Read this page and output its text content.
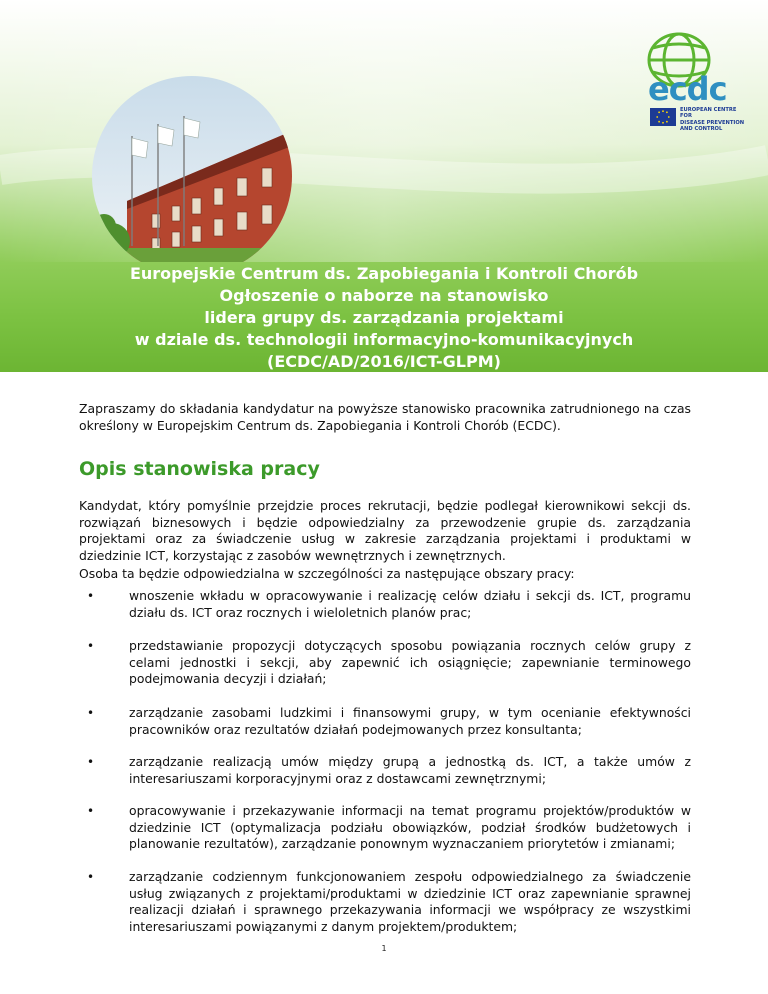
ecdc
EUROPEAN CENTRE FOR
DISEASE PREVENTION
AND CONTROL
Europejskie Centrum ds. Zapobiegania i Kontroli Chorób
Ogłoszenie o naborze na stanowisko
lidera grupy ds. zarządzania projektami
w dziale ds. technologii informacyjno-komunikacyjnych
(ECDC/AD/2016/ICT-GLPM)
Zapraszamy do składania kandydatur na powyższe stanowisko pracownika zatrudnionego na czas określony w Europejskim Centrum ds. Zapobiegania i Kontroli Chorób (ECDC).
Opis stanowiska pracy
Kandydat, który pomyślnie przejdzie proces rekrutacji, będzie podlegał kierownikowi sekcji ds. rozwiązań biznesowych i będzie odpowiedzialny za przewodzenie grupie ds. zarządzania projektami oraz za świadczenie usług w zakresie zarządzania projektami i produktami w dziedzinie ICT, korzystając z zasobów wewnętrznych i zewnętrznych.
Osoba ta będzie odpowiedzialna w szczególności za następujące obszary pracy:
•	wnoszenie wkładu w opracowywanie i realizację celów działu i sekcji ds. ICT, programu działu ds. ICT oraz rocznych i wieloletnich planów prac;
•	przedstawianie propozycji dotyczących sposobu powiązania rocznych celów grupy z celami jednostki i sekcji, aby zapewnić ich osiągnięcie; zapewnianie terminowego podejmowania decyzji i działań;
•	zarządzanie zasobami ludzkimi i finansowymi grupy, w tym ocenianie efektywności pracowników oraz rezultatów działań podejmowanych przez konsultanta;
•	zarządzanie realizacją umów między grupą a jednostką ds. ICT, a także umów z interesariuszami korporacyjnymi oraz z dostawcami zewnętrznymi;
•	opracowywanie i przekazywanie informacji na temat programu projektów/produktów w dziedzinie ICT (optymalizacja podziału obowiązków, podział środków budżetowych i planowanie rezultatów), zarządzanie ponownym wyznaczaniem priorytetów i zmianami;
•	zarządzanie codziennym funkcjonowaniem zespołu odpowiedzialnego za świadczenie usług związanych z projektami/produktami w dziedzinie ICT oraz zapewnianie sprawnej realizacji działań i sprawnego przekazywania informacji we współpracy ze wszystkimi interesariuszami powiązanymi z danym projektem/produktem;
1
